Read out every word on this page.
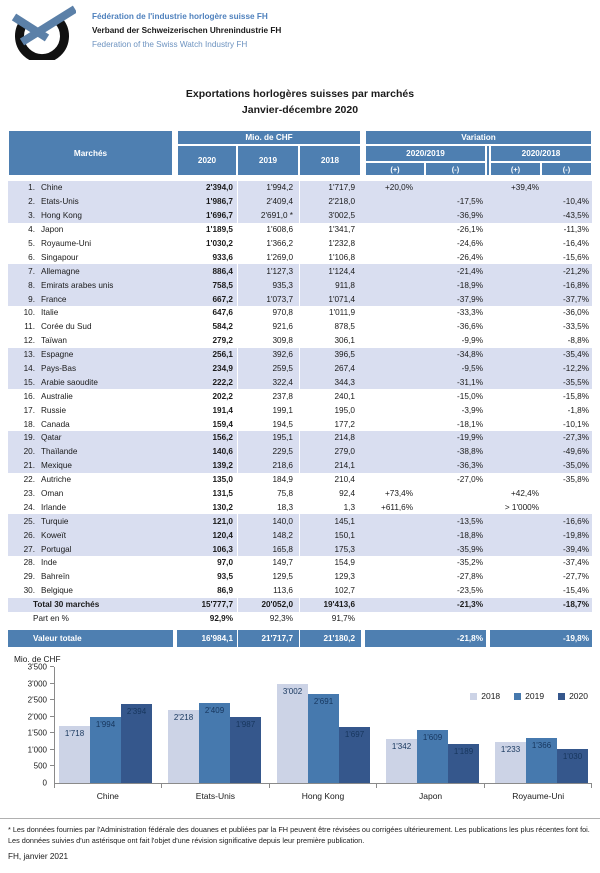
Fédération de l'industrie horlogère suisse FH
Verband der Schweizerischen Uhrenindustrie FH
Federation of the Swiss Watch Industry FH
Exportations horlogères suisses par marchés
Janvier-décembre 2020
Marchés
Mio. de CHF
2020	2019	2018
Variation
2020/2019	2020/2018
(+)	(-)	(+)	(-)
1. Chine	2'394,0	1'994,2	1'717,9	+20,0%	+39,4%
2. Etats-Unis	1'986,7	2'409,4	2'218,0	-17,5%	-10,4%
3. Hong Kong	1'696,7	2'691,0 *	3'002,5	-36,9%	-43,5%
4. Japon	1'189,5	1'608,6	1'341,7	-26,1%	-11,3%
5. Royaume-Uni	1'030,2	1'366,2	1'232,8	-24,6%	-16,4%
6. Singapour	933,6	1'269,0	1'106,8	-26,4%	-15,6%
7. Allemagne	886,4	1'127,3	1'124,4	-21,4%	-21,2%
8. Emirats arabes unis	758,5	935,3	911,8	-18,9%	-16,8%
9. France	667,2	1'073,7	1'071,4	-37,9%	-37,7%
10. Italie	647,6	970,8	1'011,9	-33,3%	-36,0%
11. Corée du Sud	584,2	921,6	878,5	-36,6%	-33,5%
12. Taïwan	279,2	309,8	306,1	-9,9%	-8,8%
13. Espagne	256,1	392,6	396,5	-34,8%	-35,4%
14. Pays-Bas	234,9	259,5	267,4	-9,5%	-12,2%
15. Arabie saoudite	222,2	322,4	344,3	-31,1%	-35,5%
16. Australie	202,2	237,8	240,1	-15,0%	-15,8%
17. Russie	191,4	199,1	195,0	-3,9%	-1,8%
18. Canada	159,4	194,5	177,2	-18,1%	-10,1%
19. Qatar	156,2	195,1	214,8	-19,9%	-27,3%
20. Thaïlande	140,6	229,5	279,0	-38,8%	-49,6%
21. Mexique	139,2	218,6	214,1	-36,3%	-35,0%
22. Autriche	135,0	184,9	210,4	-27,0%	-35,8%
23. Oman	131,5	75,8	92,4	+73,4%	+42,4%
24. Irlande	130,2	18,3	1,3	+611,6%	> 1'000%
25. Turquie	121,0	140,0	145,1	-13,5%	-16,6%
26. Koweït	120,4	148,2	150,1	-18,8%	-19,8%
27. Portugal	106,3	165,8	175,3	-35,9%	-39,4%
28. Inde	97,0	149,7	154,9	-35,2%	-37,4%
29. Bahreïn	93,5	129,5	129,3	-27,8%	-27,7%
30. Belgique	86,9	113,6	102,7	-23,5%	-15,4%
Total 30 marchés	15'777,7	20'052,0	19'413,6	-21,3%	-18,7%
Part en %	92,9%	92,3%	91,7%
Valeur totale	16'984,1	21'717,7	21'180,2	-21,8%	-19,8%
Mio. de CHF
0
500
1'000
1'500
2'000
2'500
3'000
3'500
1'718
1'994
2'394
2'218
2'409
1'987
3'002
2'691
1'697
1'342
1'609
1'189	1'233	1'366
1'030
2018	2019	2020
Chine	Etats-Unis	Hong Kong	Japon	Royaume-Uni
* Les données fournies par l'Administration fédérale des douanes et publiées par la FH peuvent être révisées ou corrigées ultérieurement. Les publications les plus récentes font foi. Les données suivies d'un astérisque ont fait l'objet d'une révision significative depuis leur première publication.
FH, janvier 2021
